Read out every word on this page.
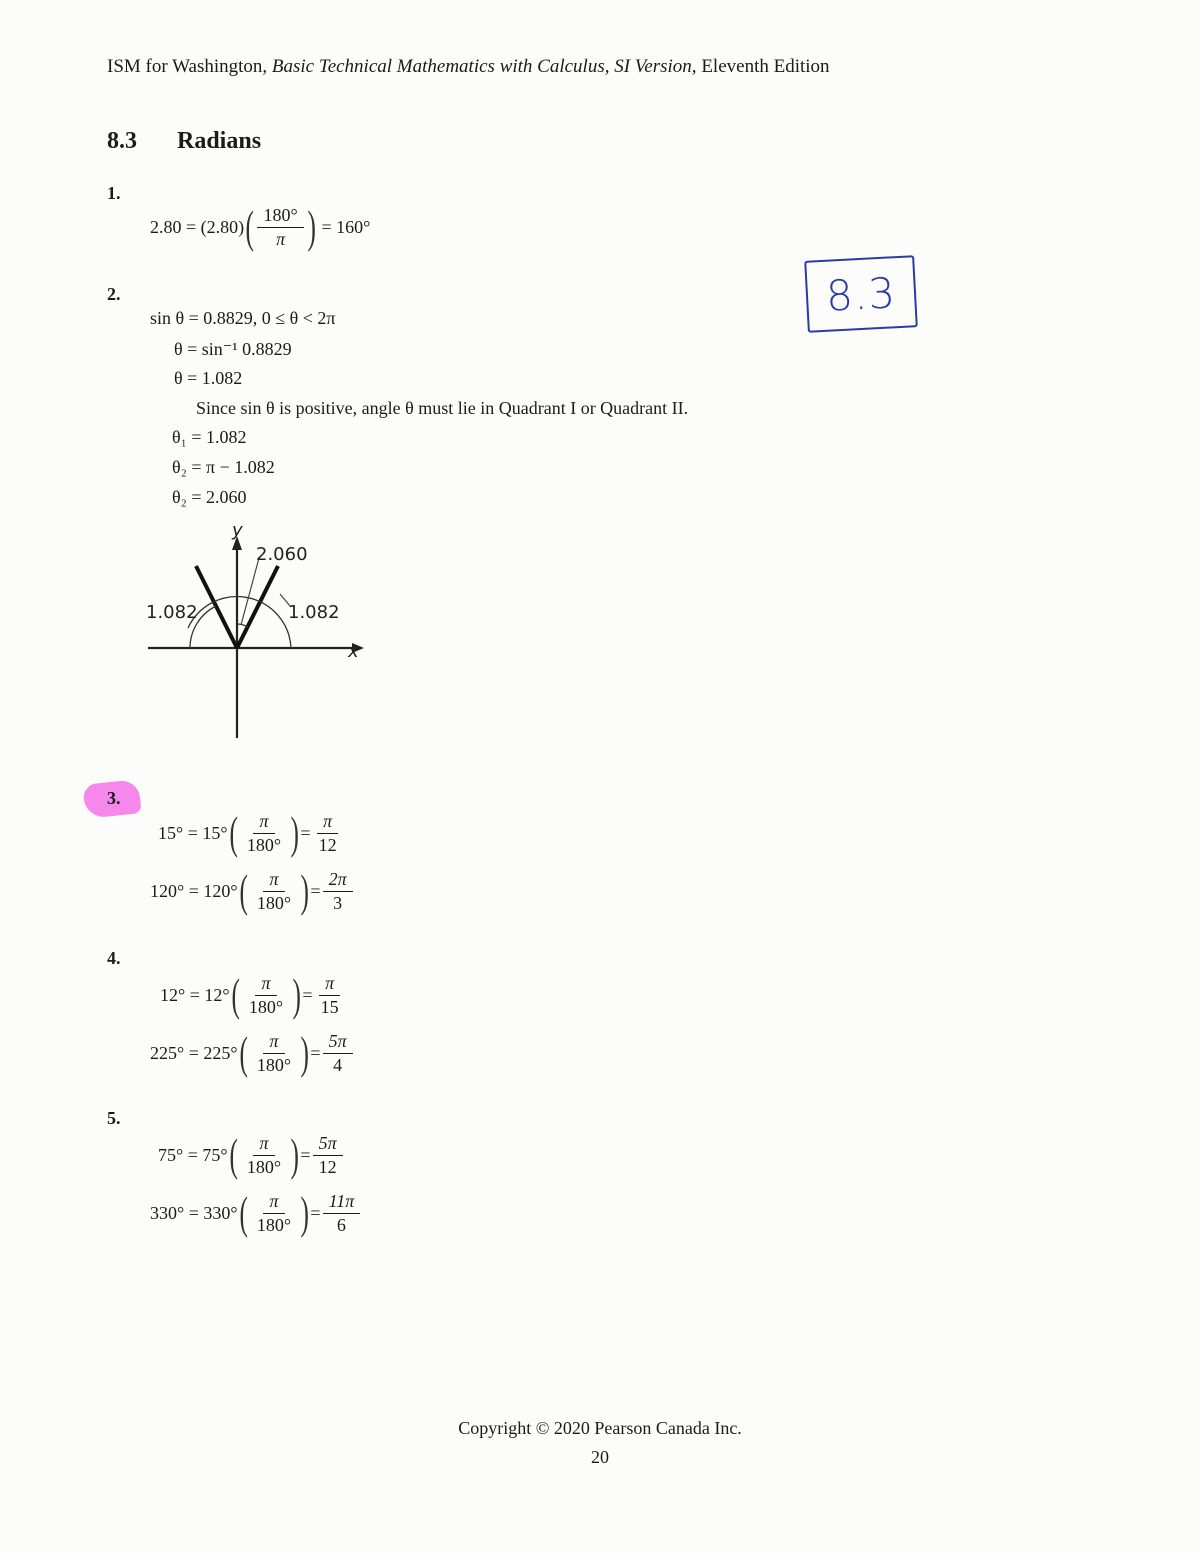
ISM for Washington, Basic Technical Mathematics with Calculus, SI Version, Eleventh Edition
8.3 Radians
8.3
1.
2.80 = (2.80) ( $\frac{180^\circ}{\pi}$ ) = 160°
2.
sin θ = 0.8829, 0 ≤ θ < 2π
θ = sin⁻¹ 0.8829
θ = 1.082
Since sin θ is positive, angle θ must lie in Quadrant I or Quadrant II.
θ₁ = 1.082
θ₂ = π − 1.082
θ₂ = 2.060
y
x
2.060
1.082	1.082
3.
15° = 15° ( $\frac{\pi}{180^\circ}$ ) = $\frac{\pi}{12}$
120° = 120° ( $\frac{\pi}{180^\circ}$ ) = $\frac{2\pi}{3}$
4.
12° = 12° ( $\frac{\pi}{180^\circ}$ ) = $\frac{\pi}{15}$
225° = 225° ( $\frac{\pi}{180^\circ}$ ) = $\frac{5\pi}{4}$
5.
75° = 75° ( $\frac{\pi}{180^\circ}$ ) = $\frac{5\pi}{12}$
330° = 330° ( $\frac{\pi}{180^\circ}$ ) = $\frac{11\pi}{6}$
Copyright © 2020 Pearson Canada Inc.
20
